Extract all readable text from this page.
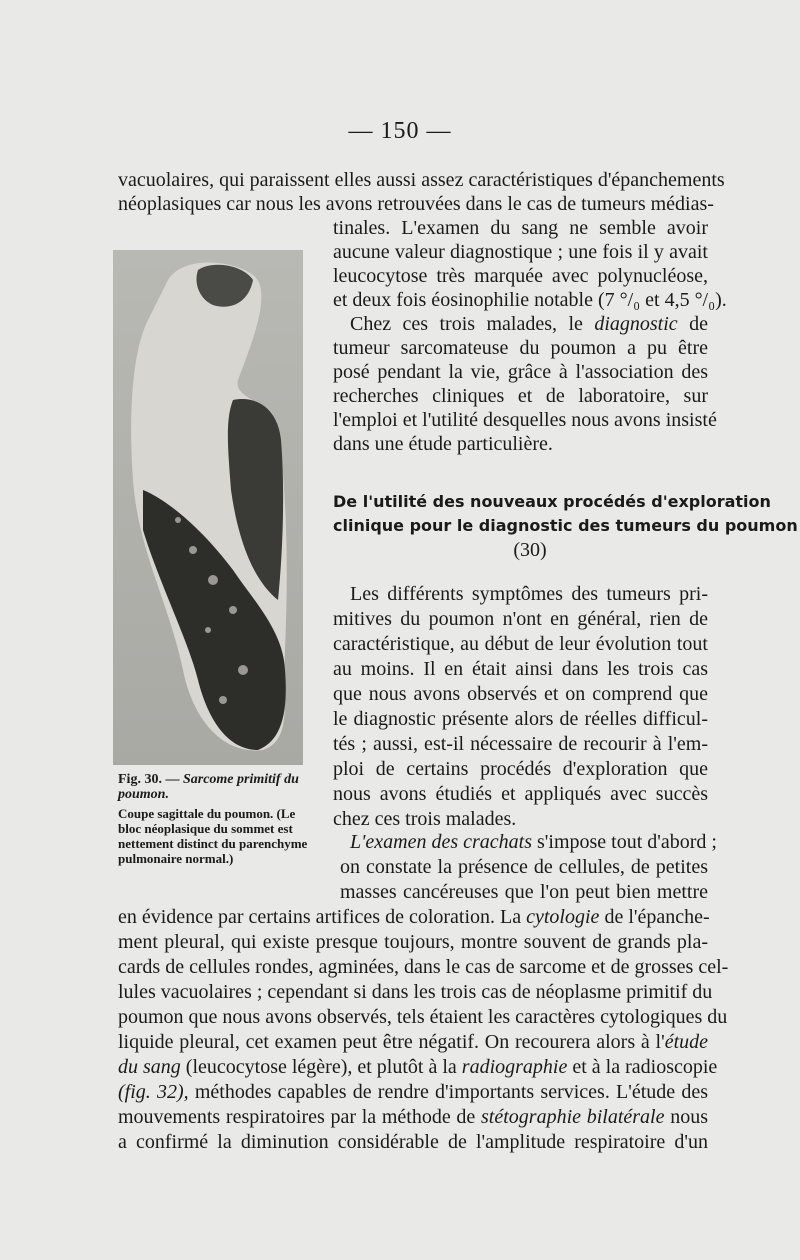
— 150 —
vacuolaires, qui paraissent elles aussi assez caractéristiques d'épanchements
néoplasiques car nous les avons retrouvées dans le cas de tumeurs médias-
tinales. L'examen du sang ne semble avoir
aucune valeur diagnostique ; une fois il y avait
leucocytose très marquée avec polynucléose,
et deux fois éosinophilie notable (7 °/₀ et 4,5 °/₀).
Chez ces trois malades, le diagnostic de
tumeur sarcomateuse du poumon a pu être
posé pendant la vie, grâce à l'association des
recherches cliniques et de laboratoire, sur
l'emploi et l'utilité desquelles nous avons insisté
dans une étude particulière.
De l'utilité des nouveaux procédés d'exploration
clinique pour le diagnostic des tumeurs du poumon
(30)
Les différents symptômes des tumeurs pri-
mitives du poumon n'ont en général, rien de
caractéristique, au début de leur évolution tout
au moins. Il en était ainsi dans les trois cas
que nous avons observés et on comprend que
le diagnostic présente alors de réelles difficul-
tés ; aussi, est-il nécessaire de recourir à l'em-
ploi de certains procédés d'exploration que
nous avons étudiés et appliqués avec succès
chez ces trois malades.
L'examen des crachats s'impose tout d'abord ;
on constate la présence de cellules, de petites
masses cancéreuses que l'on peut bien mettre
en évidence par certains artifices de coloration. La cytologie de l'épanche-
ment pleural, qui existe presque toujours, montre souvent de grands pla-
cards de cellules rondes, agminées, dans le cas de sarcome et de grosses cel-
lules vacuolaires ; cependant si dans les trois cas de néoplasme primitif du
poumon que nous avons observés, tels étaient les caractères cytologiques du
liquide pleural, cet examen peut être négatif. On recourera alors à l'étude
du sang (leucocytose légère), et plutôt à la radiographie et à la radioscopie
(fig. 32), méthodes capables de rendre d'importants services. L'étude des
mouvements respiratoires par la méthode de stétographie bilatérale nous
a confirmé la diminution considérable de l'amplitude respiratoire d'un
Fig. 30. — Sarcome primitif du
poumon.
Coupe sagittale du poumon. (Le
bloc néoplasique du sommet est
nettement distinct du parenchyme
pulmonaire normal.)
